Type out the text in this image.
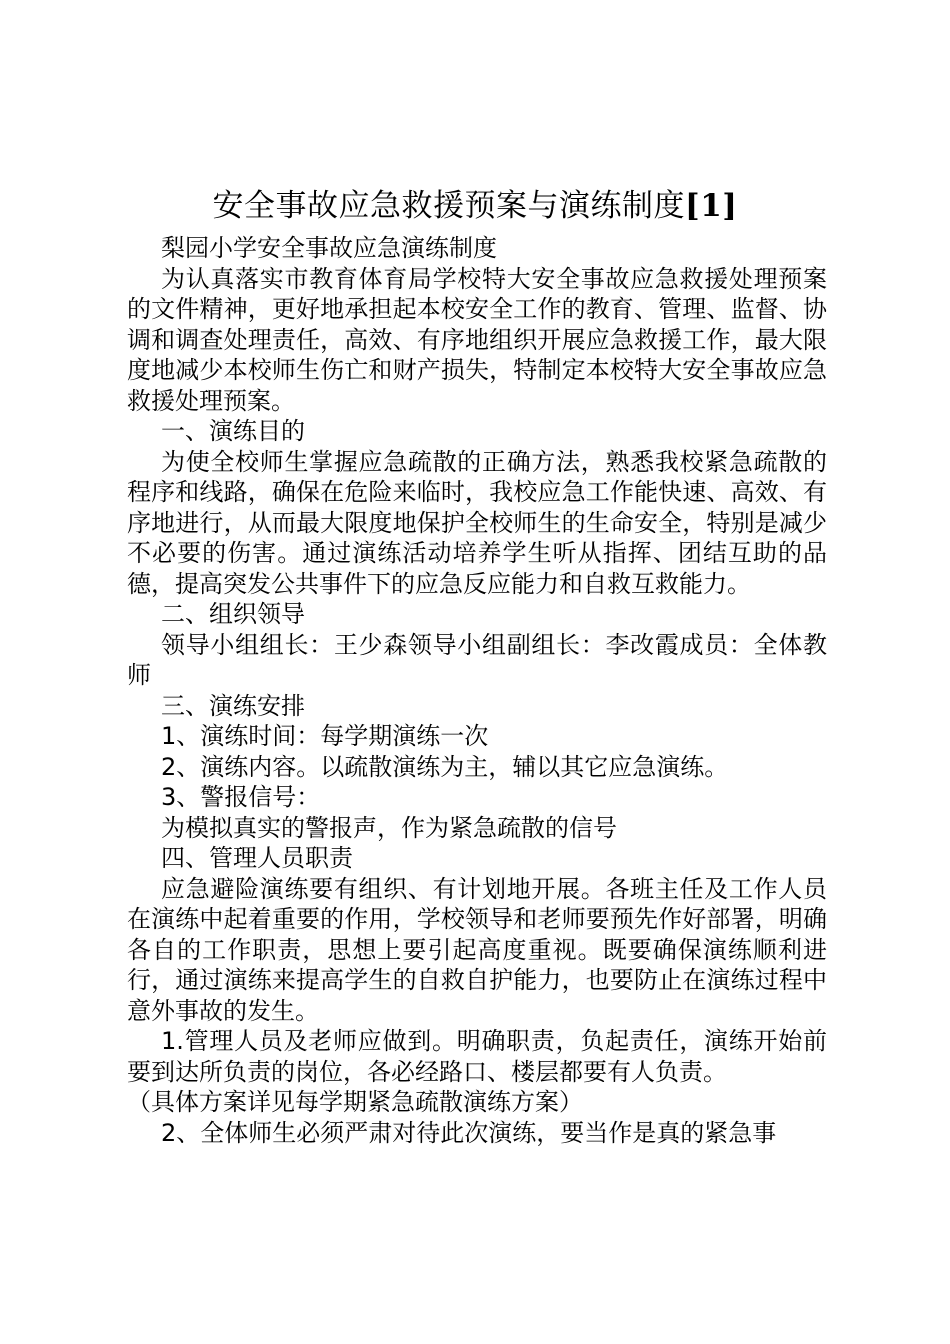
安全事故应急救援预案与演练制度[1]

梨园小学安全事故应急演练制度

为认真落实市教育体育局学校特大安全事故应急救援处理预案的文件精神，更好地承担起本校安全工作的教育、管理、监督、协调和调查处理责任，高效、有序地组织开展应急救援工作，最大限度地减少本校师生伤亡和财产损失，特制定本校特大安全事故应急救援处理预案。

一、演练目的

为使全校师生掌握应急疏散的正确方法，熟悉我校紧急疏散的程序和线路，确保在危险来临时，我校应急工作能快速、高效、有序地进行，从而最大限度地保护全校师生的生命安全，特别是减少不必要的伤害。通过演练活动培养学生听从指挥、团结互助的品德，提高突发公共事件下的应急反应能力和自救互救能力。

二、组织领导

领导小组组长：王少森领导小组副组长：李改霞成员：全体教师

三、演练安排

1、演练时间：每学期演练一次

2、演练内容。以疏散演练为主，辅以其它应急演练。

3、警报信号：

为模拟真实的警报声，作为紧急疏散的信号

四、管理人员职责

应急避险演练要有组织、有计划地开展。各班主任及工作人员在演练中起着重要的作用，学校领导和老师要预先作好部署，明确各自的工作职责，思想上要引起高度重视。既要确保演练顺利进行，通过演练来提高学生的自救自护能力，也要防止在演练过程中意外事故的发生。

1.管理人员及老师应做到。明确职责，负起责任，演练开始前要到达所负责的岗位，各必经路口、楼层都要有人负责。

（具体方案详见每学期紧急疏散演练方案）

2、全体师生必须严肃对待此次演练，要当作是真的紧急事
